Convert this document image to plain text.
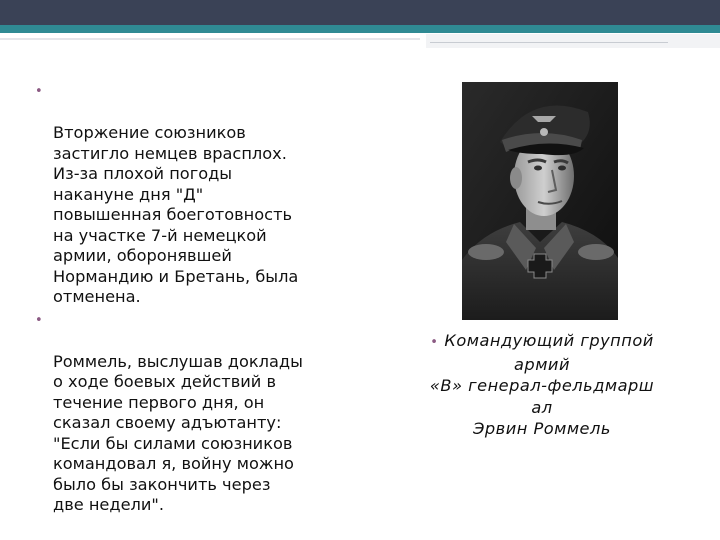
•

Вторжение союзников
застигло немцев врасплох.
Из-за плохой погоды
накануне дня "Д"
повышенная боеготовность
на участке 7-й немецкой
армии, оборонявшей
Нормандию и Бретань, была
отменена.

•

Роммель, выслушав доклады
о ходе боевых действий в
течение первого дня, он
сказал своему адъютанту:
"Если бы силами союзников
командовал я, войну можно
было бы закончить через
две недели".

• Командующий группой
армий
«В» генерал-фельдмарш
ал
Эрвин Роммель
